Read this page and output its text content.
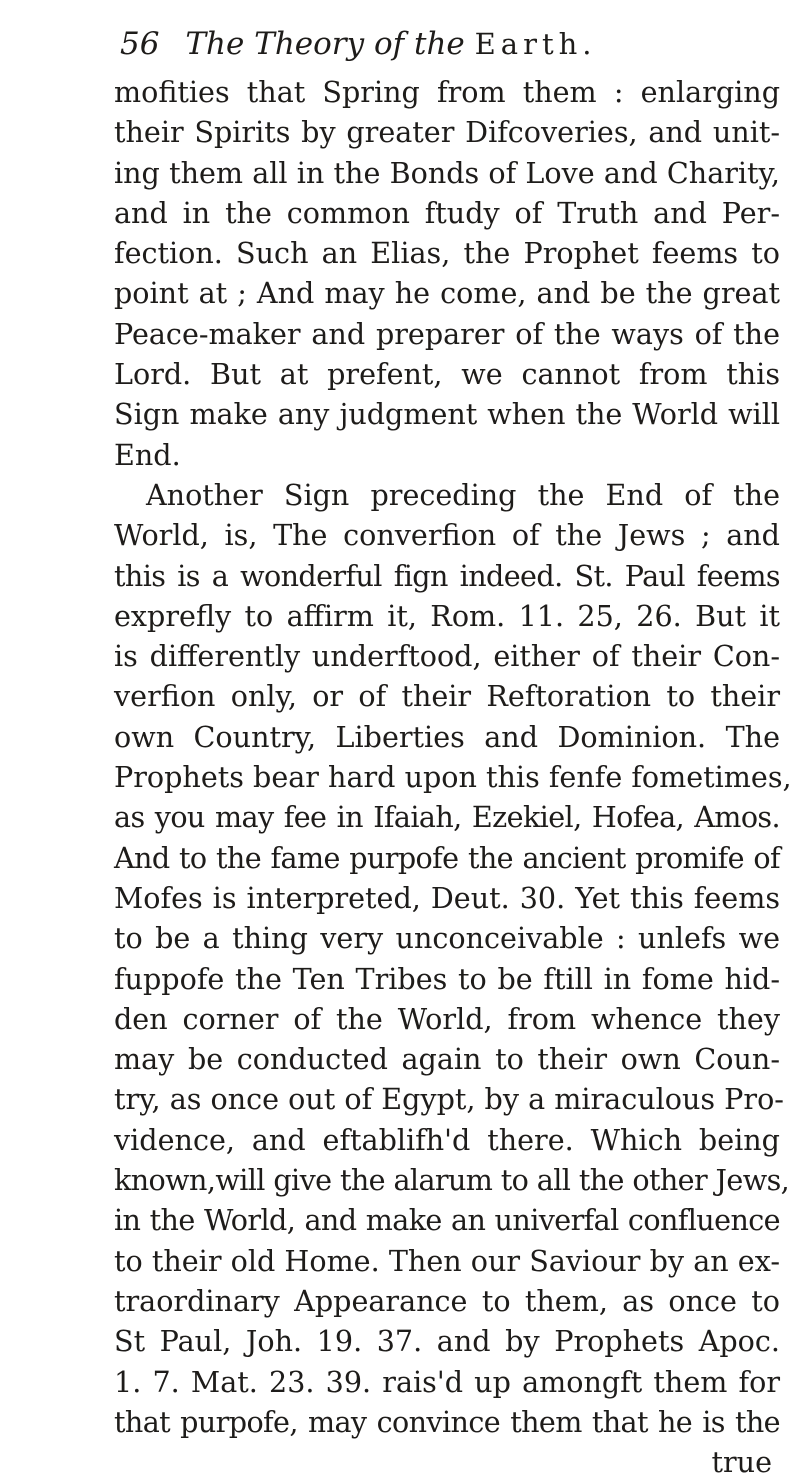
56 The Theory of the Earth.
mofities that Spring from them : enlarging
their Spirits by greater Difcoveries, and unit-
ing them all in the Bonds of Love and Charity,
and in the common ftudy of Truth and Per-
fection. Such an Elias, the Prophet feems to
point at ; And may he come, and be the great
Peace-maker and preparer of the ways of the
Lord. But at prefent, we cannot from this
Sign make any judgment when the World will
End.
Another Sign preceding the End of the
World, is, The converfion of the Jews ; and
this is a wonderful fign indeed. St. Paul feems
exprefly to affirm it, Rom. 11. 25, 26. But it
is differently underftood, either of their Con-
verfion only, or of their Reftoration to their
own Country, Liberties and Dominion. The
Prophets bear hard upon this fenfe fometimes,
as you may fee in Ifaiah, Ezekiel, Hofea, Amos.
And to the fame purpofe the ancient promife of
Mofes is interpreted, Deut. 30. Yet this feems
to be a thing very unconceivable : unlefs we
fuppofe the Ten Tribes to be ftill in fome hid-
den corner of the World, from whence they
may be conducted again to their own Coun-
try, as once out of Egypt, by a miraculous Pro-
vidence, and eftablifh'd there. Which being
known,will give the alarum to all the other Jews,
in the World, and make an univerfal confluence
to their old Home. Then our Saviour by an ex-
traordinary Appearance to them, as once to
St Paul, Joh. 19. 37. and by Prophets Apoc.
1. 7. Mat. 23. 39. rais'd up amongft them for
that purpofe, may convince them that he is the
true
